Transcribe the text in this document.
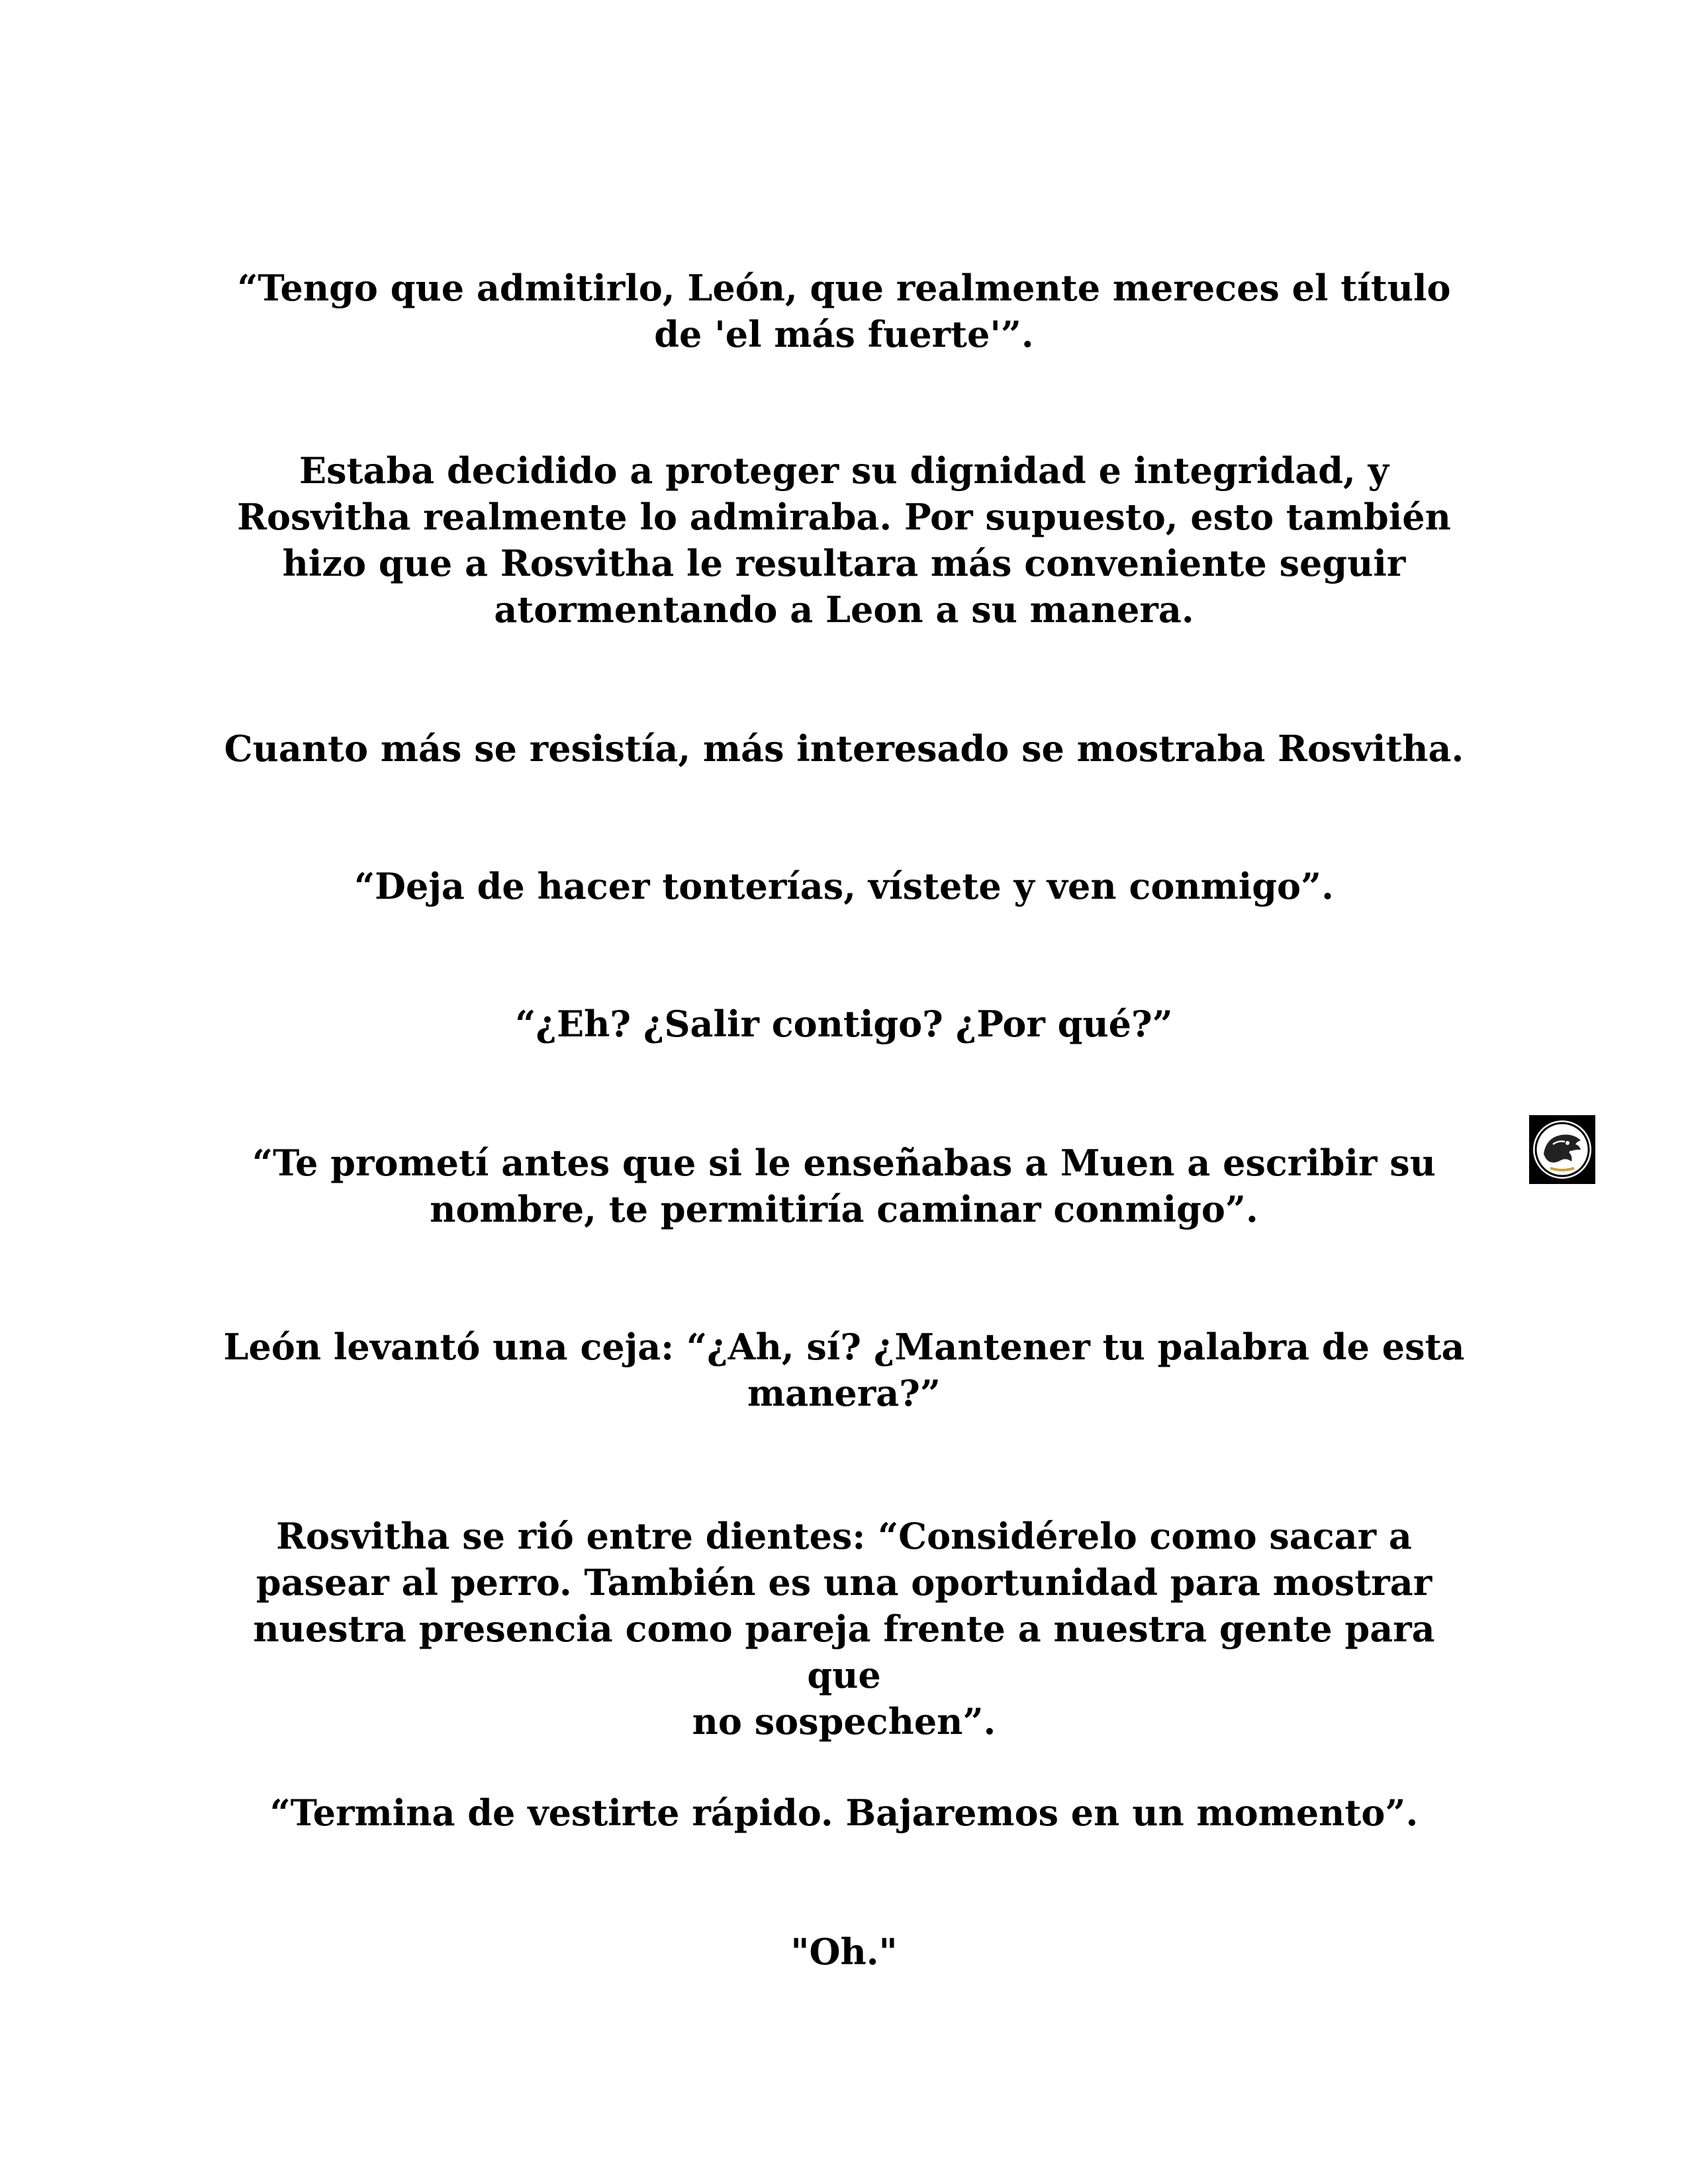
“Tengo que admitirlo, León, que realmente mereces el título
de 'el más fuerte'”.
Estaba decidido a proteger su dignidad e integridad, y
Rosvitha realmente lo admiraba. Por supuesto, esto también
hizo que a Rosvitha le resultara más conveniente seguir
atormentando a Leon a su manera.
Cuanto más se resistía, más interesado se mostraba Rosvitha.
“Deja de hacer tonterías, vístete y ven conmigo”.
“¿Eh? ¿Salir contigo? ¿Por qué?”
“Te prometí antes que si le enseñabas a Muen a escribir su
nombre, te permitiría caminar conmigo”.
León levantó una ceja: “¿Ah, sí? ¿Mantener tu palabra de esta
manera?”
Rosvitha se rió entre dientes: “Considérelo como sacar a
pasear al perro. También es una oportunidad para mostrar
nuestra presencia como pareja frente a nuestra gente para que
no sospechen”.
“Termina de vestirte rápido. Bajaremos en un momento”.
"Oh."
